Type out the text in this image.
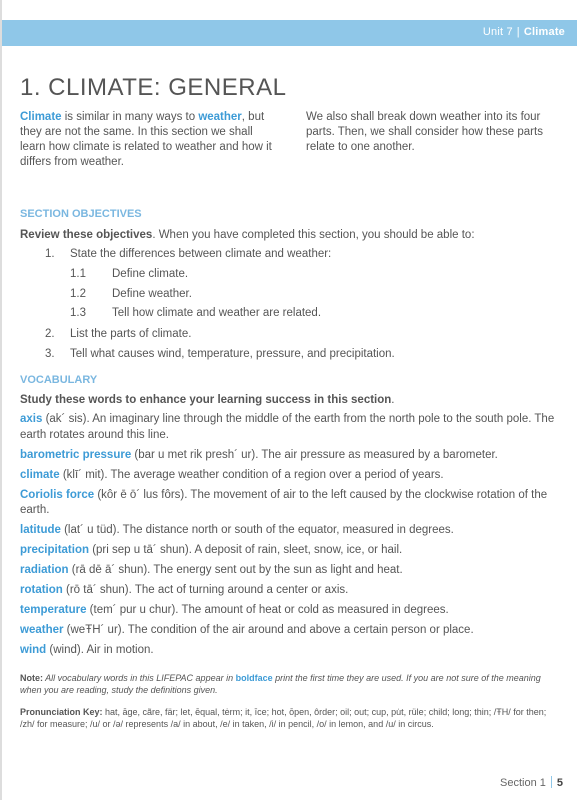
Unit 7 | Climate
1. CLIMATE: GENERAL
Climate is similar in many ways to weather, but they are not the same. In this section we shall learn how climate is related to weather and how it differs from weather.
We also shall break down weather into its four parts. Then, we shall consider how these parts relate to one another.
SECTION OBJECTIVES
Review these objectives. When you have completed this section, you should be able to:
1. State the differences between climate and weather:
1.1 Define climate.
1.2 Define weather.
1.3 Tell how climate and weather are related.
2. List the parts of climate.
3. Tell what causes wind, temperature, pressure, and precipitation.
VOCABULARY
Study these words to enhance your learning success in this section.
axis (ak´ sis). An imaginary line through the middle of the earth from the north pole to the south pole. The earth rotates around this line.
barometric pressure (bar u met rik presh´ ur). The air pressure as measured by a barometer.
climate (klī´ mit). The average weather condition of a region over a period of years.
Coriolis force (kôr ē ō´ lus fôrs). The movement of air to the left caused by the clockwise rotation of the earth.
latitude (lat´ u tüd). The distance north or south of the equator, measured in degrees.
precipitation (pri sep u tā´ shun). A deposit of rain, sleet, snow, ice, or hail.
radiation (rā dē ā´ shun). The energy sent out by the sun as light and heat.
rotation (rō tā´ shun). The act of turning around a center or axis.
temperature (tem´ pur u chur). The amount of heat or cold as measured in degrees.
weather (weŦH´ ur). The condition of the air around and above a certain person or place.
wind (wind). Air in motion.
Note: All vocabulary words in this LIFEPAC appear in boldface print the first time they are used. If you are not sure of the meaning when you are reading, study the definitions given.
Pronunciation Key: hat, āge, cãre, fär; let, ēqual, tėrm; it, īce; hot, ōpen, ôrder; oil; out; cup, pu̇t, rüle; child; long; thin; /ŦH/ for then; /zh/ for measure; /u/ or /ə/ represents /a/ in about, /e/ in taken, /i/ in pencil, /o/ in lemon, and /u/ in circus.
Section 1 5
